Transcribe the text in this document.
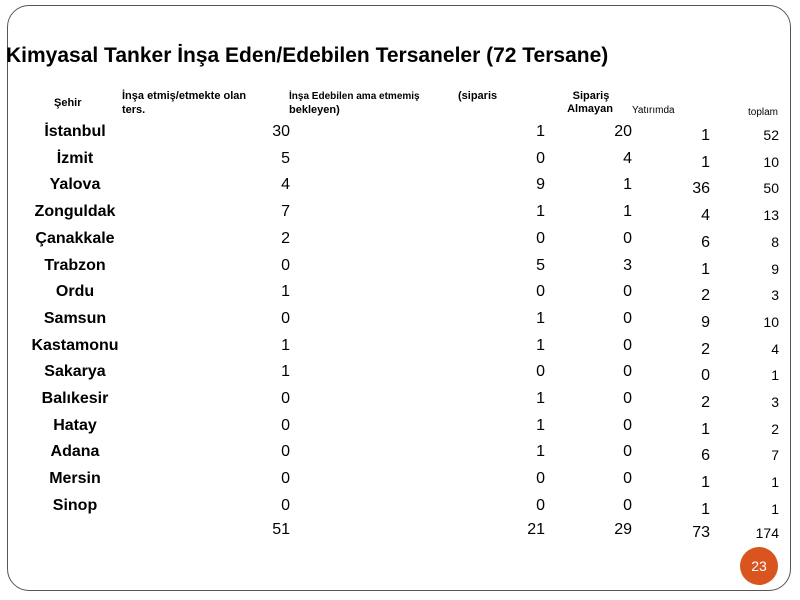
Kimyasal Tanker İnşa Eden/Edebilen Tersaneler (72 Tersane)
Şehir
İnşa etmiş/etmekte olan
ters.
İnşa Edebilen ama etmemiş
bekleyen)
(siparis	Sipariş
Almayan	Yatırımda	toplam
İstanbul	30	1	20	1	52
İzmit	5	0	4	1	10
Yalova	4	9	1	36	50
Zonguldak	7	1	1	4	13
Çanakkale	2	0	0	6	8
Trabzon	0	5	3	1	9
Ordu	1	0	0	2	3
Samsun	0	1	0	9	10
Kastamonu	1	1	0	2	4
Sakarya	1	0	0	0	1
Balıkesir	0	1	0	2	3
Hatay	0	1	0	1	2
Adana	0	1	0	6	7
Mersin	0	0	0	1	1
Sinop	0	0	0	1	1
51	21	29	73	174
23
